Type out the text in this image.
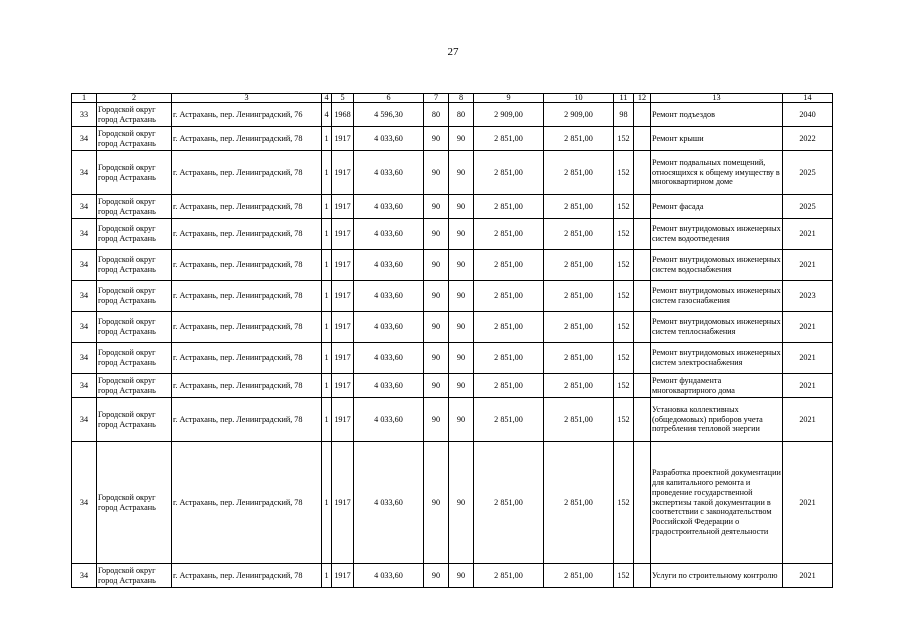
27
1	2	3	4	5	6	7	8	9	10	11	12	13	14
33	Городской округ город Астрахань	г. Астрахань, пер. Ленинградский, 76	4	1968	4 596,30	80	80	2 909,00	2 909,00	98		Ремонт подъездов	2040
34	Городской округ город Астрахань	г. Астрахань, пер. Ленинградский, 78	1	1917	4 033,60	90	90	2 851,00	2 851,00	152		Ремонт крыши	2022
34	Городской округ город Астрахань	г. Астрахань, пер. Ленинградский, 78	1	1917	4 033,60	90	90	2 851,00	2 851,00	152		Ремонт подвальных помещений, относящихся к общему имуществу в многоквартирном доме	2025
34	Городской округ город Астрахань	г. Астрахань, пер. Ленинградский, 78	1	1917	4 033,60	90	90	2 851,00	2 851,00	152		Ремонт фасада	2025
34	Городской округ город Астрахань	г. Астрахань, пер. Ленинградский, 78	1	1917	4 033,60	90	90	2 851,00	2 851,00	152		Ремонт внутридомовых инженерных систем водоотведения	2021
34	Городской округ город Астрахань	г. Астрахань, пер. Ленинградский, 78	1	1917	4 033,60	90	90	2 851,00	2 851,00	152		Ремонт внутридомовых инженерных систем водоснабжения	2021
34	Городской округ город Астрахань	г. Астрахань, пер. Ленинградский, 78	1	1917	4 033,60	90	90	2 851,00	2 851,00	152		Ремонт внутридомовых инженерных систем газоснабжения	2023
34	Городской округ город Астрахань	г. Астрахань, пер. Ленинградский, 78	1	1917	4 033,60	90	90	2 851,00	2 851,00	152		Ремонт внутридомовых инженерных систем теплоснабжения	2021
34	Городской округ город Астрахань	г. Астрахань, пер. Ленинградский, 78	1	1917	4 033,60	90	90	2 851,00	2 851,00	152		Ремонт внутридомовых инженерных систем электроснабжения	2021
34	Городской округ город Астрахань	г. Астрахань, пер. Ленинградский, 78	1	1917	4 033,60	90	90	2 851,00	2 851,00	152		Ремонт фундамента многоквартирного дома	2021
34	Городской округ город Астрахань	г. Астрахань, пер. Ленинградский, 78	1	1917	4 033,60	90	90	2 851,00	2 851,00	152		Установка коллективных (общедомовых) приборов учета потребления тепловой энергии	2021
34	Городской округ город Астрахань	г. Астрахань, пер. Ленинградский, 78	1	1917	4 033,60	90	90	2 851,00	2 851,00	152		Разработка проектной документации для капитального ремонта и проведение государственной экспертизы такой документации в соответствии с законодательством Российской Федерации о градостроительной деятельности	2021
34	Городской округ город Астрахань	г. Астрахань, пер. Ленинградский, 78	1	1917	4 033,60	90	90	2 851,00	2 851,00	152		Услуги по строительному контролю	2021
